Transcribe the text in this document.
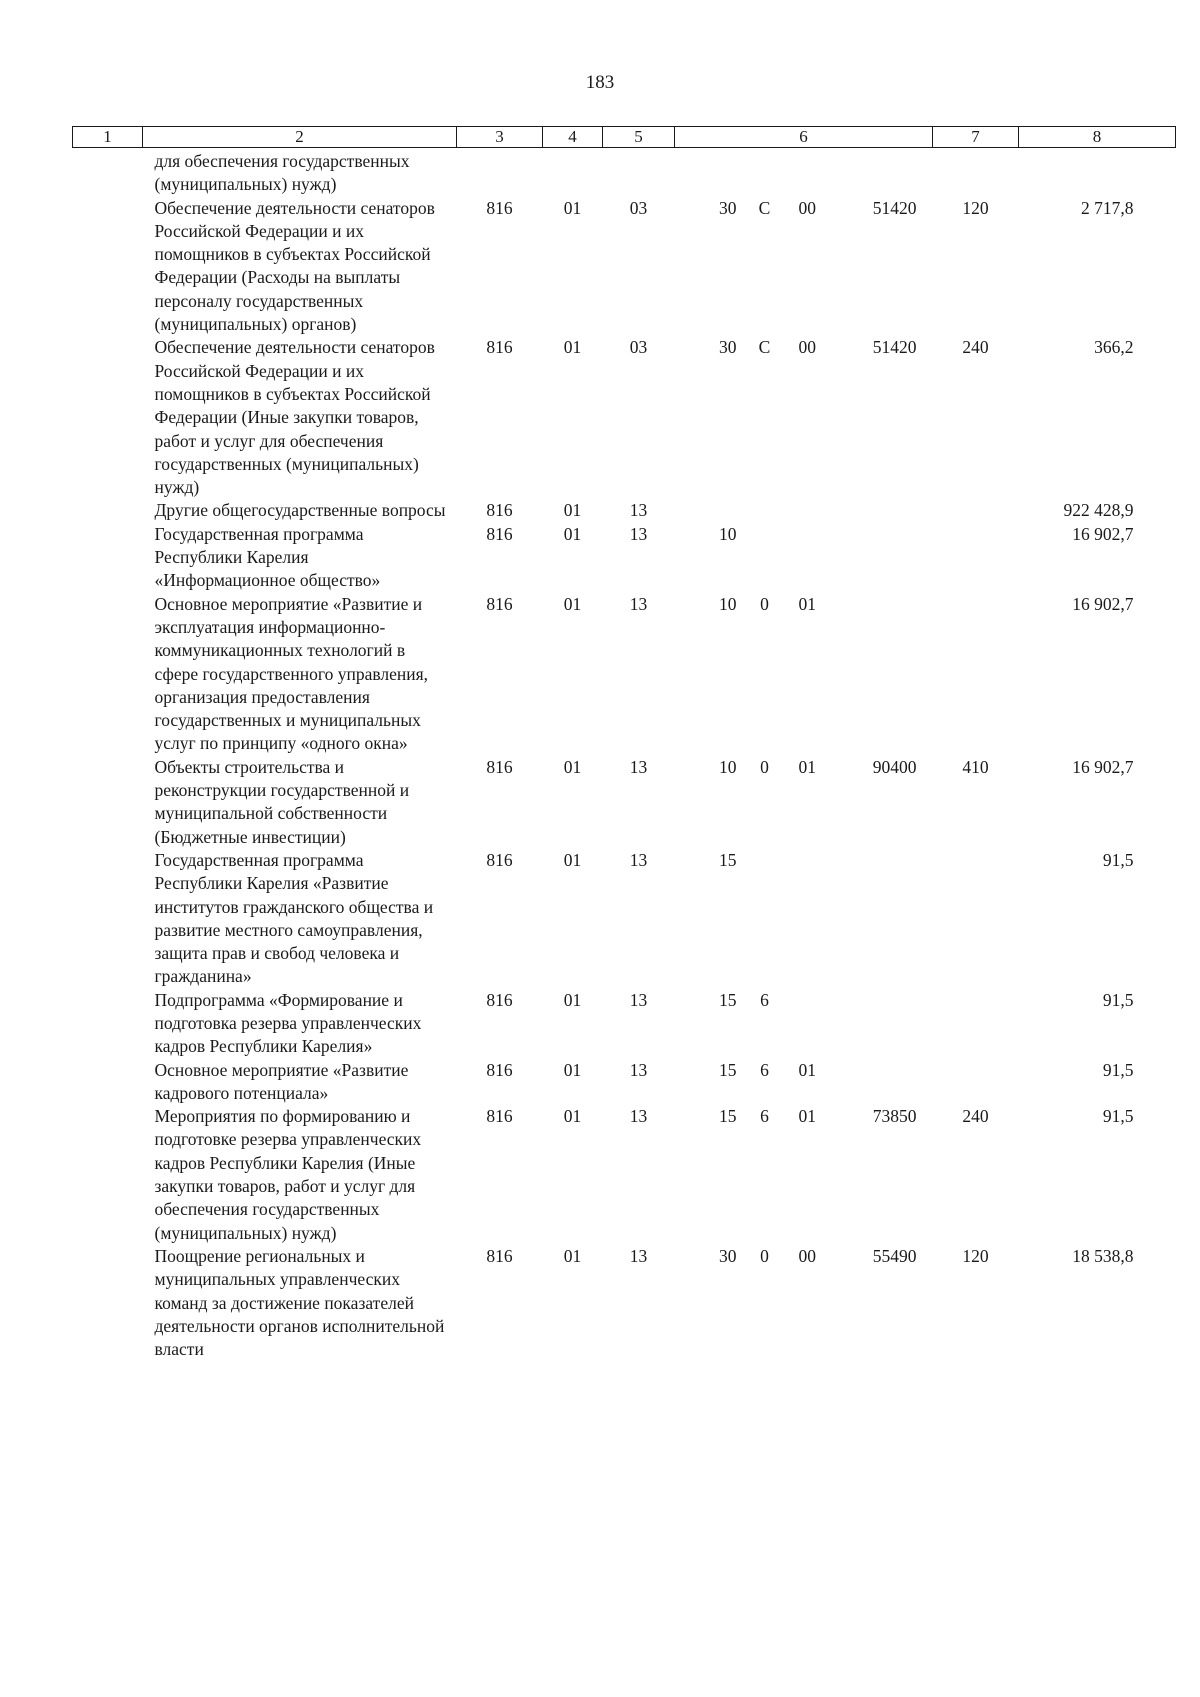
183
1	2	3	4	5	6				7	8
	для обеспечения государственных (муниципальных) нужд)									
	Обеспечение деятельности сенаторов Российской Федерации и их помощников в субъектах Российской Федерации (Расходы на выплаты персоналу государственных (муниципальных) органов)	816	01	03	30	С	00	51420	120	2 717,8
	Обеспечение деятельности сенаторов Российской Федерации и их помощников в субъектах Российской Федерации (Иные закупки товаров, работ и услуг для обеспечения государственных (муниципальных) нужд)	816	01	03	30	С	00	51420	240	366,2
	Другие общегосударственные вопросы	816	01	13						922 428,9
	Государственная программа Республики Карелия «Информационное общество»	816	01	13	10					16 902,7
	Основное мероприятие «Развитие и эксплуатация информационно-коммуникационных технологий в сфере государственного управления, организация предоставления государственных и муниципальных услуг по принципу «одного окна»	816	01	13	10	0	01			16 902,7
	Объекты строительства и реконструкции государственной и муниципальной собственности (Бюджетные инвестиции)	816	01	13	10	0	01	90400	410	16 902,7
	Государственная программа Республики Карелия «Развитие институтов гражданского общества и развитие местного самоуправления, защита прав и свобод человека и гражданина»	816	01	13	15					91,5
	Подпрограмма «Формирование и подготовка резерва управленческих кадров Республики Карелия»	816	01	13	15	6				91,5
	Основное мероприятие «Развитие кадрового потенциала»	816	01	13	15	6	01			91,5
	Мероприятия по формированию и подготовке резерва управленческих кадров Республики Карелия (Иные закупки товаров, работ и услуг для обеспечения государственных (муниципальных) нужд)	816	01	13	15	6	01	73850	240	91,5
	Поощрение региональных и муниципальных управленческих команд за достижение показателей деятельности органов исполнительной власти	816	01	13	30	0	00	55490	120	18 538,8
